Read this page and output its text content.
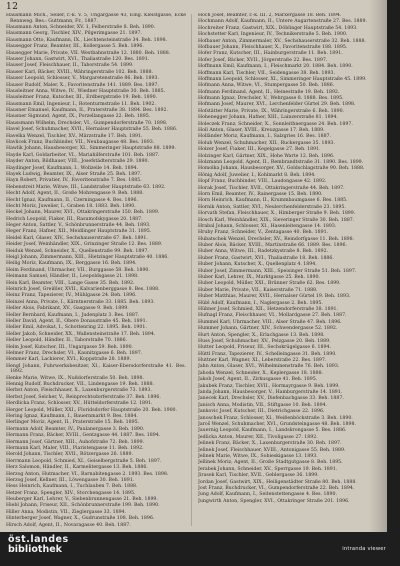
12

Hausmann Mich., Seiler, r.-k. V. 5, Ungargasse 43, Eing. Kleistgasse, Ecke Rennweg. Bes.: Guttmann, Fr., 1887.

Hausmann Anton, Schneider, XV. 1, Felberstraße 8. Beh. 1890.

Hausmann Georg, Tischler, XIV., Pilgerimgasse 21. 1897.

Hausmann Otto, Kaufmann, IX., Liechtensteinstraße 34. Beh. 1898.

Hausegger Franz, Beamter, III., Kollergasse 5. Beh. 1896.

Hausegger Marie, Private, VII. Westbahnstraße 12. 1880. Beh. 1888.

Hauser Johann, Gastwirt, XVI., Thaliastraße 120. Bes. 1891.

Hauser Josef, Fleischhauer, II., Taborstraße 54. 1899.

Hauser Karl, Bäcker, XVIII., Währingerstraße 102. Beh. 1888.

Hauser Leopold, Schlosser, V., Margaretenstraße 86. Beh. 1893.

Hauser Rudolf, Maler, X., Favoritenstraße 141. 1889. Bes. 1897.

Hausleitner Anna, Witwe, IV., Wiedner Hauptstraße 30. Beh. 1885.

Hausleitner Franz, Kutscher, III., Erdbergstraße 19. Beh. 1890.

Hausmann Emil, Ingenieur, I., Rotenturmstraße 11. Beh. 1902.

Hausner Emanuel, Kaufmann, II., Praterstraße 38. 1884. Bes. 1892.

Hausner Sigmund, Agent, IX., Porzellangasse 22. Beh. 1895.

Haussmann Wilhelm, Drechsler, VI., Gumpendorferstraße 70. 1898.

Havel Josef, Schuhmacher, XVII., Hernalser Hauptstraße 55. Beh. 1886.

Havelka Wenzel, Tischler, XV., Märzstraße 17. Beh. 1891.

Havlicek Franz, Buchbinder, VII., Neubaugasse 48. Bes. 1893.

Hawlik Johann, Hausbesorger, XI., Simmeringer Hauptstraße 88. 1899.

Hayde Karl, Goldarbeiter, VI., Mariahilferstraße 101. Beh. 1887.

Hayder Anton, Bildhauer, VIII., Josefstädterstraße 29. 1890.

Haydinger Josef, Kaufmann, I., Wollzeile 14. Beh. 1894.

Hayek Ludwig, Beamter, IX., Alser Straße 25. Beh. 1897.

Hayn Robert, Privatier, IV., Favoritenstraße 7. Bes. 1885.

Hebenstreit Marie, Witwe, III., Landstraßer Hauptstraße 63. 1892.

Hecht Adolf, Agent, II., Große Mohrengasse 9. Beh. 1888.

Hecht Ignaz, Kaufmann, II., Czerningasse 4. Bes. 1896.

Hecht Moriz, Juwelier, I., Graben 18. 1883. Beh. 1890.

Heckel Johann, Maurer, XVI., Ottakringerstraße 150. Beh. 1899.

Hedrich Leopold, Fiaker, III., Rasumofskygasse 20. 1887.

Heger Anton, Sattler, V., Schönbrunnerstraße 44. Beh. 1893.

Heger Franz, Hafner, XII., Meidlinger Hauptstraße 31. 1895.

Heidel Karl, Glaser, XIV., Sechshauserstraße 67. Beh. 1891.

Heider Josef, Weinhändler, XIX., Grinzinger Straße 12. Bes. 1889.

Heiduk Wenzel, Schneider, X., Quellenstraße 99. Beh. 1897.

Heigl Johann, Zimmermann, XIII., Hietzinger Hauptstraße 40. 1886.

Heilig Moriz, Kaufmann, IX., Berggasse 16. Beh. 1894.

Heim Ferdinand, Uhrmacher, VII., Burggasse 58. Beh. 1890.

Heimann Samuel, Händler, II., Leopoldsgasse 21. 1898.

Hein Karl, Beamter, VIII., Lange Gasse 35. Beh. 1892.

Heinrich Josef, Greißler, XVII., Kalvarienberggasse 8. Bes. 1888.

Heinz Franz, Tapezierer, IV., Mühlgasse 24. Beh. 1896.

Heinzel Anna, Private, I., Kärntnerstraße 33. 1885. Beh. 1893.

Heller Alois, Fabrikant, XV., Gasgasse 9. Beh. 1899.

Heller Bernhard, Kaufmann, I., Judenplatz 3. Bes. 1887.

Heller David, Agent, II., Obere Donaustraße 45. Beh. 1891.

Heller Emil, Advokat, I., Schottenring 22. 1895. Beh. 1901.

Heller Jakob, Schneider, XX., Wallensteinstraße 17. Beh. 1894.

Heller Leopold, Händler, II., Taborstraße 70. 1886.

Helm Josef, Kutscher, III., Ungargasse 59. Beh. 1890.

Helmer Franz, Drechsler, VI., Kaunitzgasse 6. Beh. 1897.

Hemmer Karl, Lackierer, XVI., Koppstraße 28. 1889.

Hengl Johann, Fuhrwerksbesitzer, XI., Kaiser-Ebersdorferstraße 41. Bes. 1892.

Henke Marie, Witwe, IX., Nußdorferstraße 50. Beh. 1898.

Hennig Rudolf, Buchdrucker, VII., Lindengasse 19. Beh. 1888.

Herbst Anton, Fleischhauer, X., Laxenburgerstraße 73. 1893.

Herbst Josef, Selcher, V., Reinprechtsdorferstraße 37. Beh. 1896.

Herdlicka Franz, Schlosser, XV., Hütteldorferstraße 12. 1891.

Herger Leopold, Müller, XXI., Floridsdorfer Hauptstraße 20. Beh. 1900.

Hering Ignaz, Kaufmann, I., Bauernmarkt 9. Bes. 1884.

Herlinger Moriz, Agent, II., Praterstraße 15. Beh. 1895.

Hermann Adolf, Beamter, IV., Paulanergasse 3. Beh. 1890.

Hermann Franz, Bäcker, XVIII., Gentzgasse 44. 1887. Bes. 1894.

Hermann Josef, Gärtner, XIII., Auhofstraße 72. Beh. 1899.

Hermann Karl, Maler, VIII., Piaristengasse 11. Beh. 1892.

Herold Johann, Tischler, XVII., Rötzergasse 26. 1889.

Herrmann Leopold, Schmied, XI., Geiselbergstraße 5. Beh. 1897.

Herz Salomon, Händler, II., Karmelitergasse 13. Beh. 1886.

Herzog Anton, Hutmacher, VI., Barnabitengasse 2. 1893. Bes. 1898.

Herzog Josef, Kellner, III., Löwengasse 30. Beh. 1891.

Hess Heinrich, Kaufmann, I., Tuchlauben 7. Beh. 1888.

Hetzer Franz, Spengler, XIV., Storchengasse 14. 1895.

Heuberger Karl, Lehrer, V., Siebenbrunnengasse 21. Beh. 1899.

Hiebl Johann, Friseur, XII., Schönbrunnerstraße 199. Beh. 1890.

Hiller Anna, Modistin, VII., Zieglergasse 33. 1894.

Hinterberger Josef, Wagner, X., Gudrunstraße 108. Beh. 1896.

Hirsch Adolf, Agent, II., Novaragasse 40. Beh. 1887.

Hoch Josef, Beamter, r.-k. III. 2, Marxergasse 18. Beh. 1894.

Hochmann Adolf, Kaufmann, II., Untere Augartenstraße 27. Bes. 1889.

Hochreiter Franz, Gastwirt, XIX., Döblinger Hauptstraße 54. 1893.

Hochstetter Karl, Ingenieur, IV., Technikerstraße 5. Beh. 1900.

Hofbauer Anton, Zimmermaler, XV., Sechshauserstraße 32. Beh. 1888.

Hofbauer Johann, Fleischhauer, X., Favoritenstraße 188. 1895.

Hofer Franz, Kutscher, III., Hainburgerstraße 11. Beh. 1891.

Hofer Josef, Bäcker, XVII., Jörgerstraße 22. Bes. 1897.

Hoffmann Emil, Kaufmann, I., Fleischmarkt 20. 1884. Beh. 1890.

Hoffmann Karl, Tischler, VII., Seidengasse 38. Beh. 1893.

Hoffmann Leopold, Schlosser, XI., Simmeringer Hauptstraße 45. 1899.

Hofmann Anna, Witwe, VI., Stumpergasse 50. Beh. 1886.

Hofmann Ferdinand, Agent, II., Heinestraße 19. Beh. 1892.

Hofmann Ignaz, Drechsler, V., Wehrgasse 8. 1888. Bes. 1895.

Hofmann Josef, Maurer, XVI., Lerchenfelder Gürtel 29. Beh. 1898.

Hofstätter Marie, Private, IX., Währingerstraße 6. Beh. 1890.

Hohenegger Johann, Hafner, XIII., Lainzerstraße 81. 1894.

Holeczek Franz, Schneider, X., Sonnleithnergasse 24. Beh. 1897.

Holl Anton, Glaser, XVIII., Kreuzgasse 17. Beh. 1889.

Holländer Moriz, Kaufmann, I., Salzgries 16. Bes. 1887.

Holub Wenzel, Schuhmacher, XII., Ruckergasse 35. 1893.

Holzer Josef, Fiaker, III., Kegelgasse 27. Beh. 1891.

Holzinger Karl, Gärtner, XIX., Hohe Warte 12. Beh. 1896.

Holzmann Leopold, Agent, II., Rembrandtstraße 31. 1890. Bes. 1899.

Homolka Johann, Hausbesorger, XV., Goldschlagstraße 90. Beh. 1888.

Hönig Adolf, Juwelier, I., Kohlmarkt 8. Beh. 1894.

Hopf Franz, Buchbinder, VIII., Laudongasse 42. 1892.

Horak Josef, Tischler, XVII., Ottakringerstraße 44. Beh. 1897.

Horn Emil, Beamter, IV., Rainergasse 15. Beh. 1890.

Horn Heinrich, Kaufmann, II., Krummbaumgasse 6. Bes. 1885.

Hornik Anton, Sattler, XVI., Neulerchenfelderstraße 23. 1895.

Horvath Stefan, Fleischhauer, X., Himberger Straße 9. Beh. 1899.

Hosch Karl, Weinhändler, XIX., Sieveringer Straße 30. Beh. 1887.

Hrabal Johann, Schlosser, XI., Hasenleitengasse 14. 1893.

Hruby Franz, Schneider, V., Zentagasse 40. Beh. 1891.

Hubatschek Wenzel, Drechsler, XV., Reindorfgasse 11. Beh. 1898.

Huber Alois, Bäcker, XVIII., Martinstraße 66. 1889. Bes. 1896.

Huber Anna, Witwe, III., Radetzkystraße 8. Beh. 1892.

Huber Franz, Gastwirt, XVI., Thaliastraße 18. Beh. 1886.

Huber Johann, Kutscher, X., Quellenplatz 4. 1894.

Huber Josef, Zimmermann, XIII., Speisinger Straße 51. Beh. 1897.

Huber Karl, Lehrer, IX., Marktgasse 25. Beh. 1890.

Huber Leopold, Müller, XXI., Brünner Straße 62. Bes. 1899.

Huber Marie, Private, VII., Kaiserstraße 71. 1888.

Huber Matthias, Maurer, XVII., Hernalser Gürtel 19. Beh. 1893.

Hübl Adolf, Kaufmann, I., Naglergasse 2. Beh. 1895.

Hübner Josef, Schmied, XII., Hetzendorferstraße 38. 1891.

Hufnagl Franz, Fleischhauer, VI., Mollardgasse 27. Beh. 1887.

Hummel Karl, Uhrmacher, VIII., Alser Straße 47. Beh. 1896.

Hummer Johann, Gärtner, XIV., Schwendergasse 52. 1892.

Hurt Anton, Spengler, X., Erlachgasse 13. Beh. 1898.

Huss Josef, Schuhmacher, XV., Pelzgasse 20. Beh. 1889.

Hutter Leopold, Friseur, III., Sechskrügelgasse 6. 1894.

Hüttl Franz, Tapezierer, IV., Schelleingasse 31. Beh. 1890.

Huttner Karl, Wagner, XI., Leberstraße 22. Bes. 1897.

Jahn Anton, Glaser, XVI., Wilhelminenstraße 76. Beh. 1893.

Jahoda Wenzel, Schneider, X., Keplergasse 18. 1888.

Jakob Josef, Agent, II., Zirkusgasse 41. Beh. 1895.

Jakubek Franz, Tischler, XVII., Hormayrgasse 9. Beh. 1899.

Janda Johann, Hausbesorger, V., Hamburgerstraße 14. 1891.

Janecek Karl, Drechsler, XV., Diefenbachgasse 33. Beh. 1887.

Janisch Anna, Modistin, VII., Stiftgasse 10. Beh. 1894.

Jankovic Josef, Kutscher, III., Dietrichgasse 22. 1896.

Janoschek Franz, Schlosser, XI., Weißenböckstraße 3. Beh. 1890.

Jaroš Wenzel, Schuhmacher, XVI., Grundsteingasse 48. Beh. 1898.

Jauernig Leopold, Kaufmann, I., Landskrongasse 5. Bes. 1886.

Jedlicka Anton, Maurer, XII., Tivoligasse 27. 1892.

Jelinek Franz, Bäcker, X., Laxenburgerstraße 30. Beh. 1897.

Jelinek Josef, Fleischhauer, XVIII., Antonigasse 55. Beh. 1889.

Jelinek Marie, Witwe, IX., Sobieskigasse 13. 1893.

Jellinek Moriz, Agent, II., Große Stadtgutgasse 8. Beh. 1895.

Jerabek Johann, Schneider, XV., Sperrgasse 19. Beh. 1891.

Jirasek Karl, Tischler, XVII., Geblergasse 36. 1899.

Jordan Josef, Gastwirt, XIX., Heiligenstädter Straße 80. Beh. 1888.

Jost Franz, Buchdrucker, VI., Gumpendorferstraße 22. Beh. 1894.

Jung Adolf, Kaufmann, I., Seitenstettengasse 4. Bes. 1890.

Jungwirth Anton, Spengler, XVI., Ottakringer Straße 201. 1896.

öst.landes
bibliothek	intranda viewer
